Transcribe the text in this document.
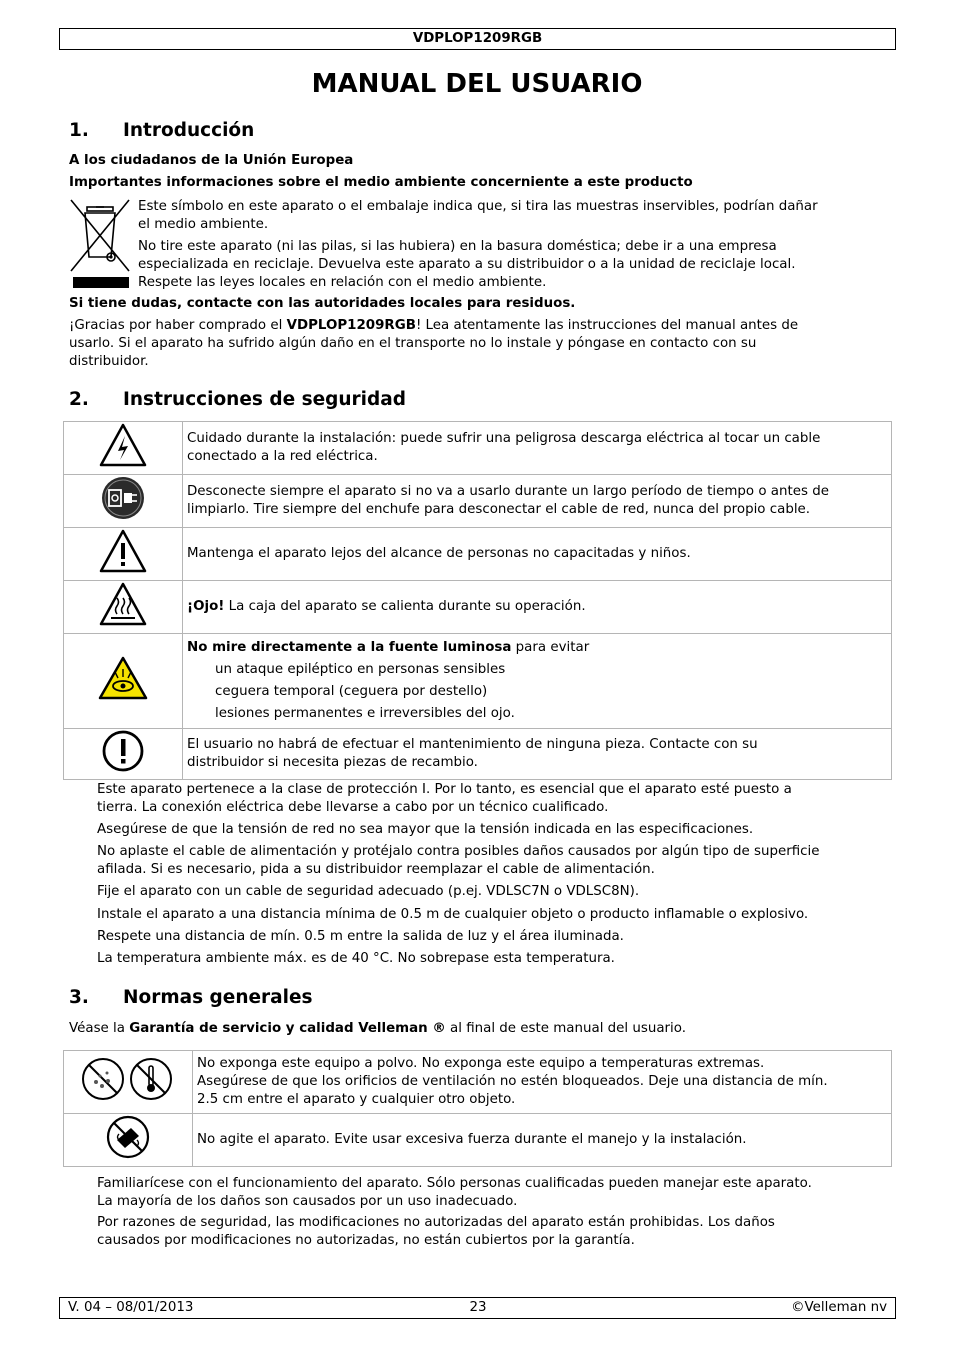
VDPLOP1209RGB
MANUAL DEL USUARIO
1. Introducción

A los ciudadanos de la Unión Europea

Importantes informaciones sobre el medio ambiente concerniente a este producto

Este símbolo en este aparato o el embalaje indica que, si tira las muestras inservibles, podrían dañar

el medio ambiente.

No tire este aparato (ni las pilas, si las hubiera) en la basura doméstica; debe ir a una empresa

especializada en reciclaje. Devuelva este aparato a su distribuidor o a la unidad de reciclaje local.

Respete las leyes locales en relación con el medio ambiente.

Si tiene dudas, contacte con las autoridades locales para residuos.

¡Gracias por haber comprado el VDPLOP1209RGB! Lea atentamente las instrucciones del manual antes de

usarlo. Si el aparato ha sufrido algún daño en el transporte no lo instale y póngase en contacto con su

distribuidor.

2. Instrucciones de seguridad
	Cuidado durante la instalación: puede sufrir una peligrosa descarga eléctrica al tocar un cable
conectado a la red eléctrica.
	Desconecte siempre el aparato si no va a usarlo durante un largo período de tiempo o antes de
limpiarlo. Tire siempre del enchufe para desconectar el cable de red, nunca del propio cable.
	Mantenga el aparato lejos del alcance de personas no capacitadas y niños.
	¡Ojo! La caja del aparato se calienta durante su operación.
	No mire directamente a la fuente luminosa para evitar
un ataque epiléptico en personas sensibles
ceguera temporal (ceguera por destello)
lesiones permanentes e irreversibles del ojo.

	El usuario no habrá de efectuar el mantenimiento de ninguna pieza. Contacte con su
distribuidor si necesita piezas de recambio.

Este aparato pertenece a la clase de protección I. Por lo tanto, es esencial que el aparato esté puesto a

tierra. La conexión eléctrica debe llevarse a cabo por un técnico cualificado.

Asegúrese de que la tensión de red no sea mayor que la tensión indicada en las especificaciones.

No aplaste el cable de alimentación y protéjalo contra posibles daños causados por algún tipo de superficie

afilada. Si es necesario, pida a su distribuidor reemplazar el cable de alimentación.

Fije el aparato con un cable de seguridad adecuado (p.ej. VDLSC7N o VDLSC8N).

Instale el aparato a una distancia mínima de 0.5 m de cualquier objeto o producto inflamable o explosivo.

Respete una distancia de mín. 0.5 m entre la salida de luz y el área iluminada.

La temperatura ambiente máx. es de 40 °C. No sobrepase esta temperatura.

3. Normas generales

Véase la Garantía de servicio y calidad Velleman ® al final de este manual del usuario.

	No exponga este equipo a polvo. No exponga este equipo a temperaturas extremas.
Asegúrese de que los orificios de ventilación no estén bloqueados. Deje una distancia de mín.
2.5 cm entre el aparato y cualquier otro objeto.
	No agite el aparato. Evite usar excesiva fuerza durante el manejo y la instalación.

Familiarícese con el funcionamiento del aparato. Sólo personas cualificadas pueden manejar este aparato.

La mayoría de los daños son causados por un uso inadecuado.

Por razones de seguridad, las modificaciones no autorizadas del aparato están prohibidas. Los daños

causados por modificaciones no autorizadas, no están cubiertos por la garantía.

V. 04 – 08/01/2013	23	©Velleman nv
